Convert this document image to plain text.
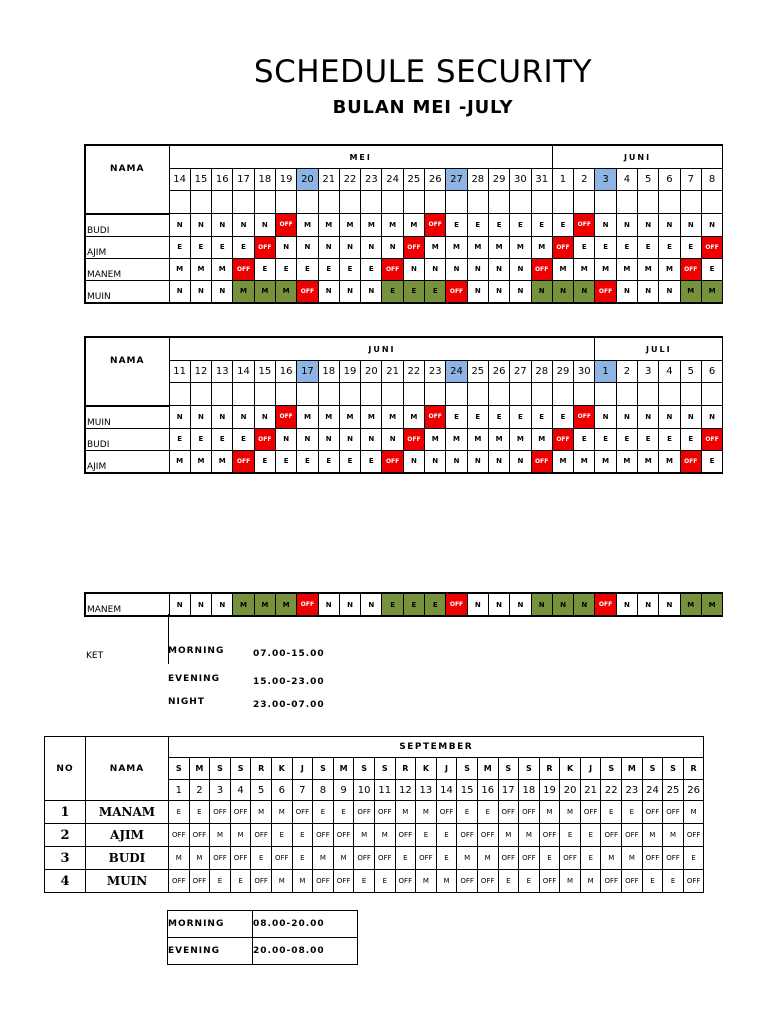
SCHEDULE SECURITY
BULAN MEI -JULY
NAMA	MEI																		JUNI							
	14	15	16	17	18	19	20	21	22	23	24	25	26	27	28	29	30	31	1	2	3	4	5	6	7	8

BUDI	N	N	N	N	N	OFF	M	M	M	M	M	M	OFF	E	E	E	E	E	E	OFF	N	N	N	N	N	N
AJIM	E	E	E	E	OFF	N	N	N	N	N	N	OFF	M	M	M	M	M	M	OFF	E	E	E	E	E	E	OFF
MANEM	M	M	M	OFF	E	E	E	E	E	E	OFF	N	N	N	N	N	N	OFF	M	M	M	M	M	M	OFF	E
MUIN	N	N	N	M	M	M	OFF	N	N	N	E	E	E	OFF	N	N	N	N	N	N	OFF	N	N	N	M	M
NAMA	JUNI																				JULI					
	11	12	13	14	15	16	17	18	19	20	21	22	23	24	25	26	27	28	29	30	1	2	3	4	5	6

MUIN	N	N	N	N	N	OFF	M	M	M	M	M	M	OFF	E	E	E	E	E	E	OFF	N	N	N	N	N	N
BUDI	E	E	E	E	OFF	N	N	N	N	N	N	OFF	M	M	M	M	M	M	OFF	E	E	E	E	E	E	OFF
AJIM	M	M	M	OFF	E	E	E	E	E	E	OFF	N	N	N	N	N	N	OFF	M	M	M	M	M	M	OFF	E
MANEM	N	N	N	M	M	M	OFF	N	N	N	E	E	E	OFF	N	N	N	N	N	N	OFF	N	N	N	M	M
KET	MORNING	07.00-15.00
EVENING	15.00-23.00
NIGHT	23.00-07.00
NO	NAMA	SEPTEMBER																									
		S	M	S	S	R	K	J	S	M	S	S	R	K	J	S	M	S	S	R	K	J	S	M	S	S	R
		1	2	3	4	5	6	7	8	9	10	11	12	13	14	15	16	17	18	19	20	21	22	23	24	25	26
1	MANAM	E	E	OFF	OFF	M	M	OFF	E	E	OFF	OFF	M	M	OFF	E	E	OFF	OFF	M	M	OFF	E	E	OFF	OFF	M
2	AJIM	OFF	OFF	M	M	OFF	E	E	OFF	OFF	M	M	OFF	E	E	OFF	OFF	M	M	OFF	E	E	OFF	OFF	M	M	OFF
3	BUDI	M	M	OFF	OFF	E	OFF	E	M	M	OFF	OFF	E	OFF	E	M	M	OFF	OFF	E	OFF	E	M	M	OFF	OFF	E
4	MUIN	OFF	OFF	E	E	OFF	M	M	OFF	OFF	E	E	OFF	M	M	OFF	OFF	E	E	OFF	M	M	OFF	OFF	E	E	OFF
MORNING	08.00-20.00
EVENING	20.00-08.00
